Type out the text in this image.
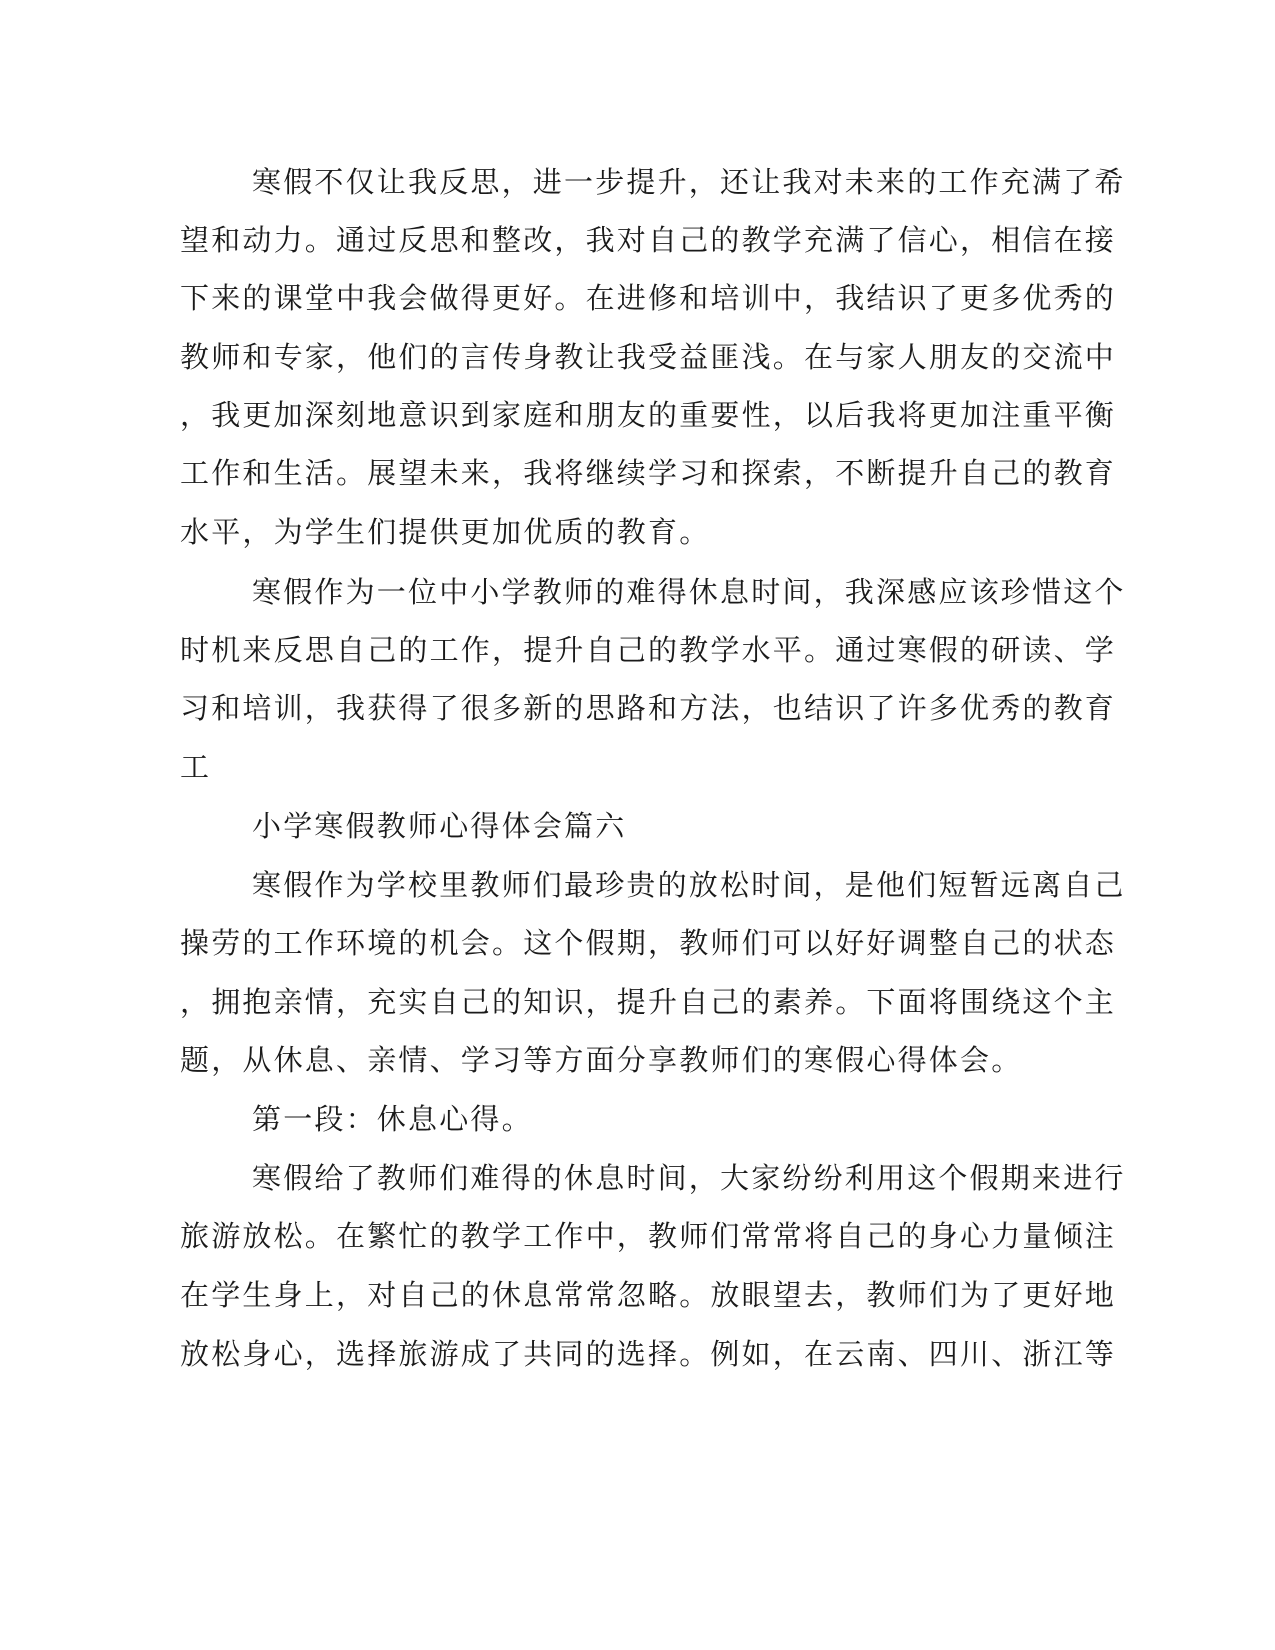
寒假不仅让我反思，进一步提升，还让我对未来的工作充满了希
望和动力。通过反思和整改，我对自己的教学充满了信心，相信在接
下来的课堂中我会做得更好。在进修和培训中，我结识了更多优秀的
教师和专家，他们的言传身教让我受益匪浅。在与家人朋友的交流中
，我更加深刻地意识到家庭和朋友的重要性，以后我将更加注重平衡
工作和生活。展望未来，我将继续学习和探索，不断提升自己的教育
水平，为学生们提供更加优质的教育。
寒假作为一位中小学教师的难得休息时间，我深感应该珍惜这个
时机来反思自己的工作，提升自己的教学水平。通过寒假的研读、学
习和培训，我获得了很多新的思路和方法，也结识了许多优秀的教育
工
小学寒假教师心得体会篇六
寒假作为学校里教师们最珍贵的放松时间，是他们短暂远离自己
操劳的工作环境的机会。这个假期，教师们可以好好调整自己的状态
，拥抱亲情，充实自己的知识，提升自己的素养。下面将围绕这个主
题，从休息、亲情、学习等方面分享教师们的寒假心得体会。
第一段：休息心得。
寒假给了教师们难得的休息时间，大家纷纷利用这个假期来进行
旅游放松。在繁忙的教学工作中，教师们常常将自己的身心力量倾注
在学生身上，对自己的休息常常忽略。放眼望去，教师们为了更好地
放松身心，选择旅游成了共同的选择。例如，在云南、四川、浙江等
